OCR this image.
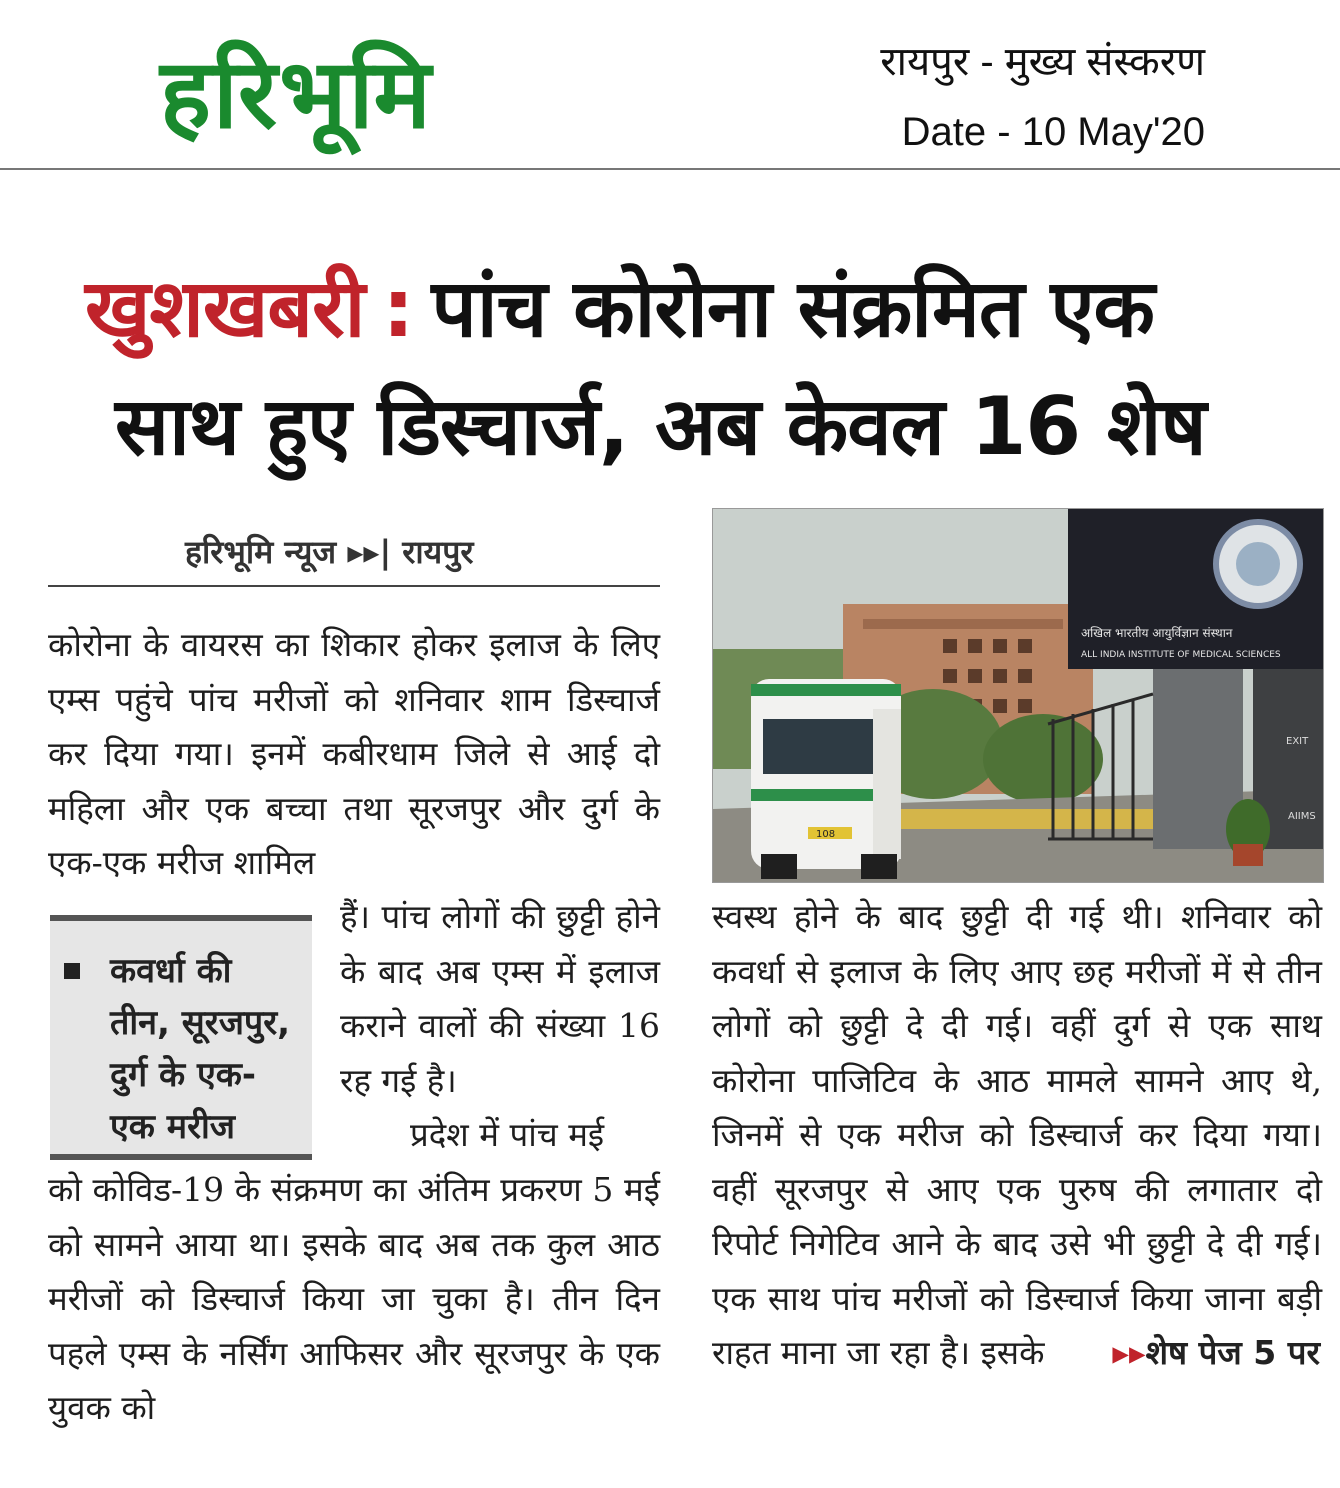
हरिभूमि	रायपुर - मुख्य संस्करण
Date - 10 May'20
खुशखबरी : पांच कोरोना संक्रमित एक
साथ हुए डिस्चार्ज, अब केवल 16 शेष
हरिभूमि न्यूज ▸▸| रायपुर

कोरोना के वायरस का शिकार होकर इलाज के लिए एम्स पहुंचे पांच मरीजों को शनिवार शाम डिस्चार्ज कर दिया गया। इनमें कबीरधाम जिले से आई दो महिला और एक बच्चा तथा सूरजपुर और दुर्ग के एक-एक मरीज शामिल

कवर्धा की तीन, सूरजपुर, दुर्ग के एक-एक मरीज
हैं। पांच लोगों की छुट्टी होने के बाद अब एम्स में इलाज कराने वालों की संख्या 16 रह गई है।
प्रदेश में पांच मई

को कोविड-19 के संक्रमण का अंतिम प्रकरण 5 मई को सामने आया था। इसके बाद अब तक कुल आठ मरीजों को डिस्चार्ज किया जा चुका है। तीन दिन पहले एम्स के नर्सिंग आफिसर और सूरजपुर के एक युवक को

अखिल भारतीय आयुर्विज्ञान संस्थान
ALL INDIA INSTITUTE OF MEDICAL SCIENCES
EXIT
AIIMS
108

स्वस्थ होने के बाद छुट्टी दी गई थी। शनिवार को कवर्धा से इलाज के लिए आए छह मरीजों में से तीन लोगों को छुट्टी दे दी गई। वहीं दुर्ग से एक साथ कोरोना पाजिटिव के आठ मामले सामने आए थे, जिनमें से एक मरीज को डिस्चार्ज कर दिया गया। वहीं सूरजपुर से आए एक पुरुष की लगातार दो रिपोर्ट निगेटिव आने के बाद उसे भी छुट्टी दे दी गई। एक साथ पांच मरीजों को डिस्चार्ज किया जाना बड़ी राहत माना जा रहा है। इसके ▸▸शेष पेज 5 पर
